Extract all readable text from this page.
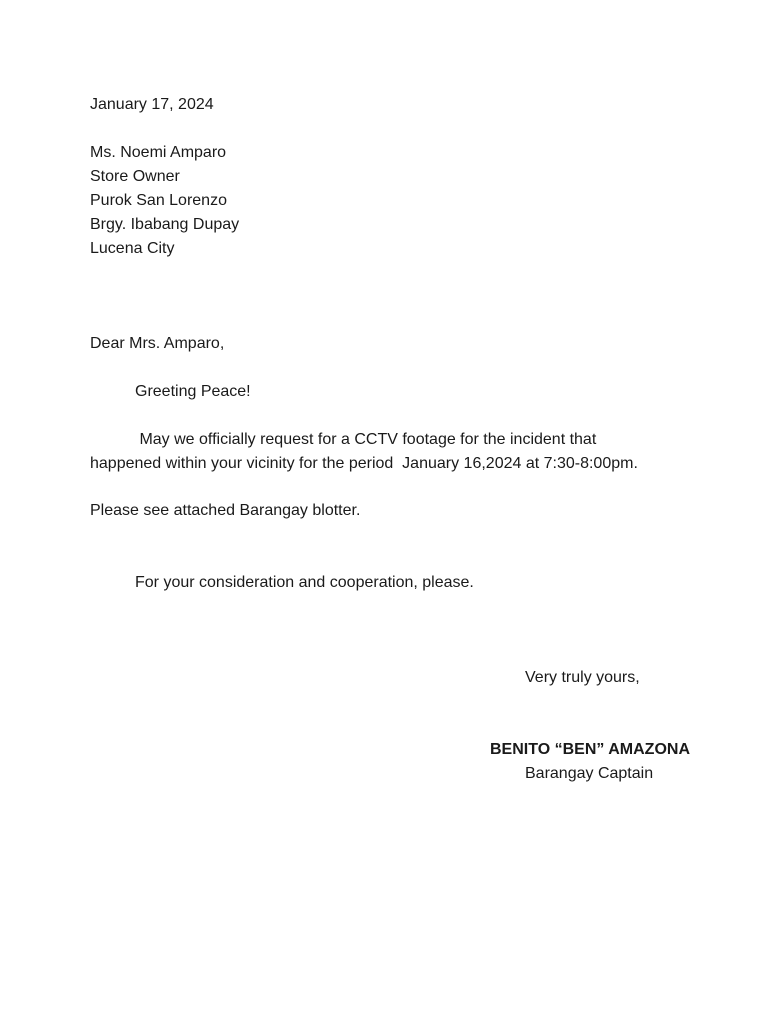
January 17, 2024

Ms. Noemi Amparo

Store Owner

Purok San Lorenzo

Brgy. Ibabang Dupay

Lucena City

Dear Mrs. Amparo,

Greeting Peace!

May we officially request for a CCTV footage for the incident that

happened within your vicinity for the period  January 16,2024 at 7:30-8:00pm.

Please see attached Barangay blotter.

For your consideration and cooperation, please.

Very truly yours,

BENITO “BEN” AMAZONA

Barangay Captain
